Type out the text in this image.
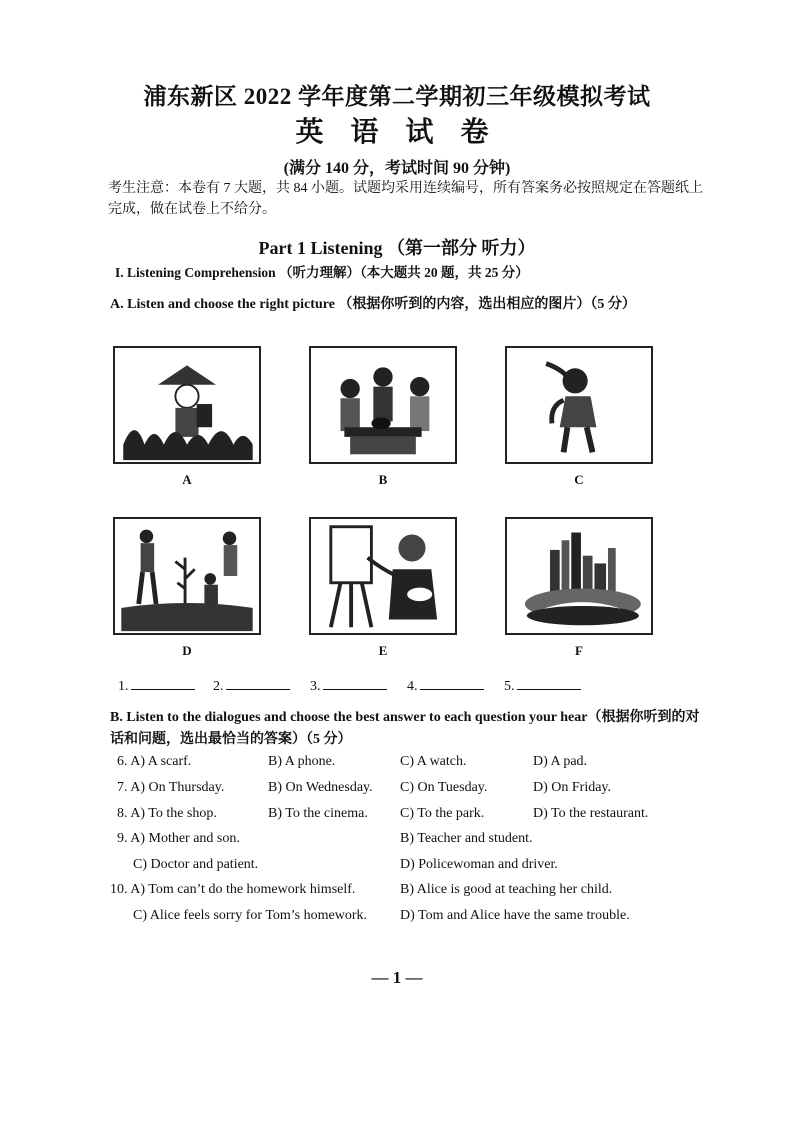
浦东新区 2022 学年度第二学期初三年级模拟考试
英 语 试 卷
(满分 140 分，考试时间 90 分钟)
考生注意：本卷有 7 大题，共 84 小题。试题均采用连续编号，所有答案务必按照规定在答题纸上完成，做在试卷上不给分。
Part 1 Listening （第一部分 听力）
I. Listening Comprehension （听力理解）（本大题共 20 题，共 25 分）
A. Listen and choose the right picture （根据你听到的内容，选出相应的图片）（5 分）
A	B	C
D	E	F
1.	2.	3.	4.	5.
B. Listen to the dialogues and choose the best answer to each question your hear（根据你听到的对话和问题，选出最恰当的答案）（5 分）
6. A) A scarf.	B) A phone.	C) A watch.	D) A pad.
7. A) On Thursday.	B) On Wednesday. C) On Tuesday.	D) On Friday.
8. A) To the shop.	B) To the cinema. C) To the park.	D) To the restaurant.
9. A) Mother and son.	B) Teacher and student.
C) Doctor and patient.	D) Policewoman and driver.
10. A) Tom can’t do the homework himself.	B) Alice is good at teaching her child.
C) Alice feels sorry for Tom’s homework. D) Tom and Alice have the same trouble.
— 1 —
